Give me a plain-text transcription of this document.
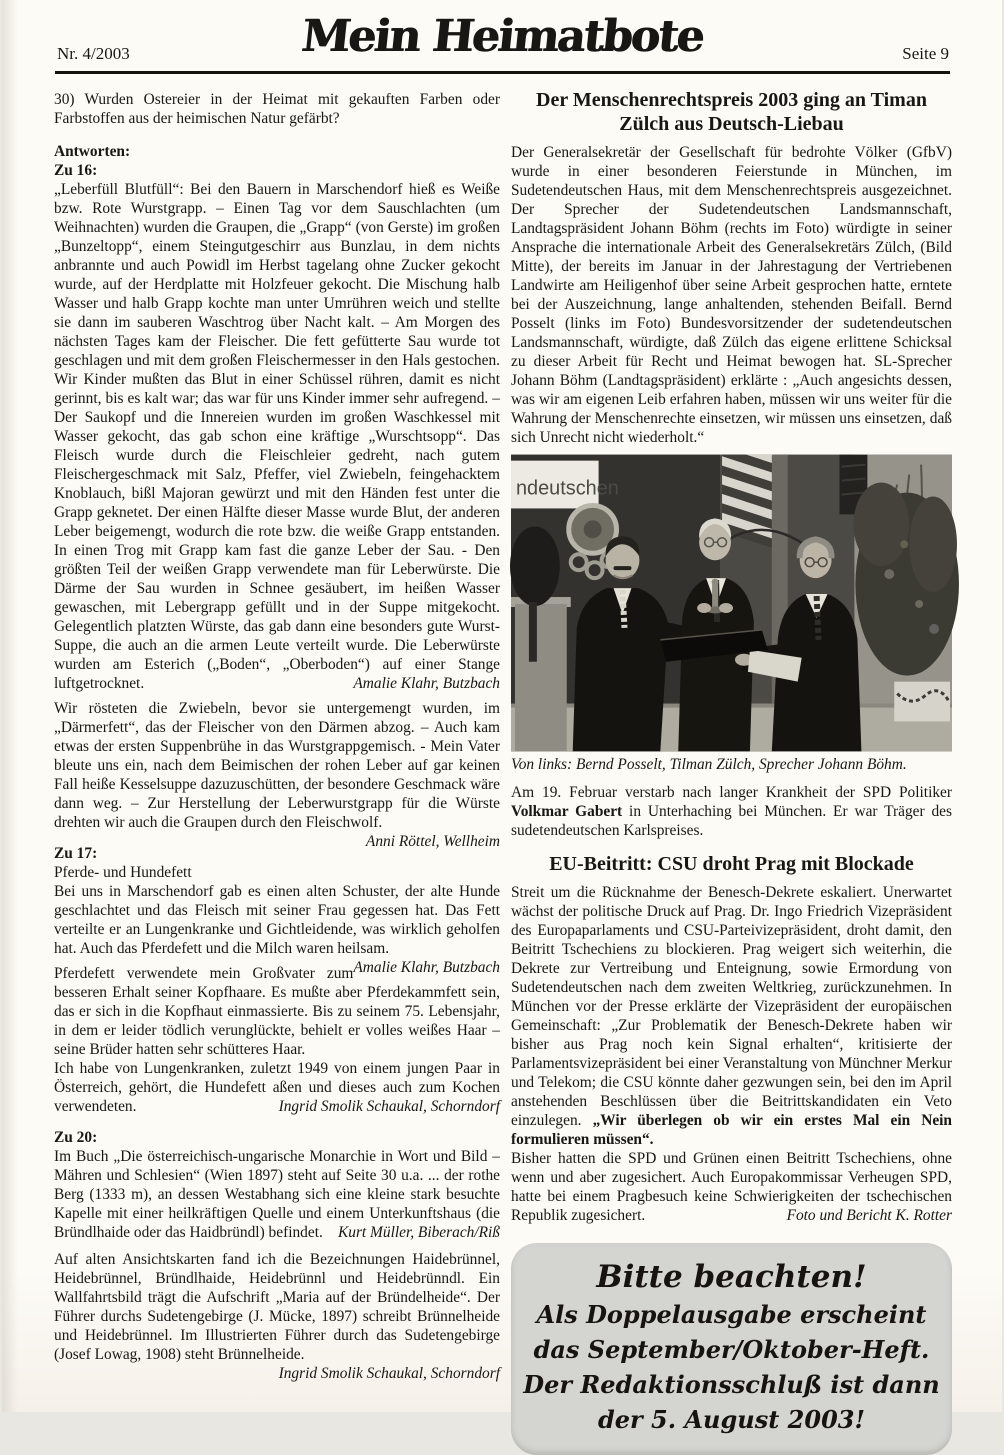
Mein Heimatbote
Nr. 4/2003	Seite 9

30) Wurden Ostereier in der Heimat mit gekauften Farben oder Farbstoffen aus der heimischen Natur gefärbt?

Antworten:

Zu 16:

„Leberfüll Blutfüll“: Bei den Bauern in Marschendorf hieß es Weiße bzw. Rote Wurstgrapp. – Einen Tag vor dem Sauschlachten (um Weihnachten) wurden die Graupen, die „Grapp“ (von Gerste) im großen „Bunzeltopp“, einem Steingutgeschirr aus Bunzlau, in dem nichts anbrannte und auch Powidl im Herbst tagelang ohne Zucker gekocht wurde, auf der Herdplatte mit Holzfeuer gekocht. Die Mischung halb Wasser und halb Grapp kochte man unter Umrühren weich und stellte sie dann im sauberen Waschtrog über Nacht kalt. – Am Morgen des nächsten Tages kam der Fleischer. Die fett gefütterte Sau wurde tot geschlagen und mit dem großen Fleischermesser in den Hals gestochen. Wir Kinder mußten das Blut in einer Schüssel rühren, damit es nicht gerinnt, bis es kalt war; das war für uns Kinder immer sehr aufregend. – Der Saukopf und die Innereien wurden im großen Waschkessel mit Wasser gekocht, das gab schon eine kräftige „Wurschtsopp“. Das Fleisch wurde durch die Fleischleier gedreht, nach gutem Fleischergeschmack mit Salz, Pfeffer, viel Zwiebeln, feingehacktem Knoblauch, bißl Majoran gewürzt und mit den Händen fest unter die Grapp geknetet. Der einen Hälfte dieser Masse wurde Blut, der anderen Leber beigemengt, wodurch die rote bzw. die weiße Grapp entstanden. In einen Trog mit Grapp kam fast die ganze Leber der Sau. - Den größten Teil der weißen Grapp verwendete man für Leberwürste. Die Därme der Sau wurden in Schnee gesäubert, im heißen Wasser gewaschen, mit Lebergrapp gefüllt und in der Suppe mitgekocht. Gelegentlich platzten Würste, das gab dann eine besonders gute Wurst-Suppe, die auch an die armen Leute verteilt wurde. Die Leberwürste wurden am Esterich („Boden“, „Oberboden“) auf einer Stange luftgetrocknet.	Amalie Klahr, Butzbach

Wir rösteten die Zwiebeln, bevor sie untergemengt wurden, im „Därmerfett“, das der Fleischer von den Därmen abzog. – Auch kam etwas der ersten Suppenbrühe in das Wurstgrappgemisch. - Mein Vater bleute uns ein, nach dem Beimischen der rohen Leber auf gar keinen Fall heiße Kesselsuppe dazuzuschütten, der besondere Geschmack wäre dann weg. – Zur Herstellung der Leberwurstgrapp für die Würste drehten wir auch die Graupen durch den Fleischwolf.
Anni Röttel, Wellheim

Zu 17:

Pferde- und Hundefett

Bei uns in Marschendorf gab es einen alten Schuster, der alte Hunde geschlachtet und das Fleisch mit seiner Frau gegessen hat. Das Fett verteilte er an Lungenkranke und Gichtleidende, was wirklich geholfen hat. Auch das Pferdefett und die Milch waren heilsam.
Amalie Klahr, Butzbach

Pferdefett verwendete mein Großvater zum besseren Erhalt seiner Kopfhaare. Es mußte aber Pferdekammfett sein, das er sich in die Kopfhaut einmassierte. Bis zu seinem 75. Lebensjahr, in dem er leider tödlich verunglückte, behielt er volles weißes Haar – seine Brüder hatten sehr schütteres Haar.

Ich habe von Lungenkranken, zuletzt 1949 von einem jungen Paar in Österreich, gehört, die Hundefett aßen und dieses auch zum Kochen verwendeten.	Ingrid Smolik Schaukal, Schorndorf

Zu 20:

Im Buch „Die österreichisch-ungarische Monarchie in Wort und Bild – Mähren und Schlesien“ (Wien 1897) steht auf Seite 30 u.a. ... der rothe Berg (1333 m), an dessen Westabhang sich eine kleine stark besuchte Kapelle mit einer heilkräftigen Quelle und einem Unterkunftshaus (die Bründlhaide oder das Haidbründl) befindet. Kurt Müller, Biberach/Riß

Auf alten Ansichtskarten fand ich die Bezeichnungen Haidebrünnel, Heidebrünnel, Bründlhaide, Heidebrünnl und Heidebrünndl. Ein Wallfahrtsbild trägt die Aufschrift „Maria auf der Bründelheide“. Der Führer durchs Sudetengebirge (J. Mücke, 1897) schreibt Brünnelheide und Heidebrünnel. Im Illustrierten Führer durch das Sudetengebirge (Josef Lowag, 1908) steht Brünnelheide.
Ingrid Smolik Schaukal, Schorndorf

Der Menschenrechtspreis 2003 ging an Timan Zülch aus Deutsch-Liebau

Der Generalsekretär der Gesellschaft für bedrohte Völker (GfbV) wurde in einer besonderen Feierstunde in München, im Sudetendeutschen Haus, mit dem Menschenrechtspreis ausgezeichnet. Der Sprecher der Sudetendeutschen Landsmannschaft, Landtagspräsident Johann Böhm (rechts im Foto) würdigte in seiner Ansprache die internationale Arbeit des Generalsekretärs Zülch, (Bild Mitte), der bereits im Januar in der Jahrestagung der Vertriebenen Landwirte am Heiligenhof über seine Arbeit gesprochen hatte, erntete bei der Auszeichnung, lange anhaltenden, stehenden Beifall. Bernd Posselt (links im Foto) Bundesvorsitzender der sudetendeutschen Landsmannschaft, würdigte, daß Zülch das eigene erlittene Schicksal zu dieser Arbeit für Recht und Heimat bewogen hat. SL-Sprecher Johann Böhm (Landtagspräsident) erklärte : „Auch angesichts dessen, was wir am eigenen Leib erfahren haben, müssen wir uns weiter für die Wahrung der Menschenrechte einsetzen, wir müssen uns einsetzen, daß sich Unrecht nicht wiederholt.“

ndeutschen

Von links: Bernd Posselt, Tilman Zülch, Sprecher Johann Böhm.

Am 19. Februar verstarb nach langer Krankheit der SPD Politiker Volkmar Gabert in Unterhaching bei München. Er war Träger des sudetendeutschen Karlspreises.

EU-Beitritt: CSU droht Prag mit Blockade

Streit um die Rücknahme der Benesch-Dekrete eskaliert. Unerwartet wächst der politische Druck auf Prag. Dr. Ingo Friedrich Vizepräsident des Europaparlaments und CSU-Parteivizepräsident, droht damit, den Beitritt Tschechiens zu blockieren. Prag weigert sich weiterhin, die Dekrete zur Vertreibung und Enteignung, sowie Ermordung von Sudetendeutschen nach dem zweiten Weltkrieg, zurückzunehmen. In München vor der Presse erklärte der Vizepräsident der europäischen Gemeinschaft: „Zur Problematik der Benesch-Dekrete haben wir bisher aus Prag noch kein Signal erhalten“, kritisierte der Parlamentsvizepräsident bei einer Veranstaltung von Münchner Merkur und Telekom; die CSU könnte daher gezwungen sein, bei den im April anstehenden Beschlüssen über die Beitrittskandidaten ein Veto einzulegen. „Wir überlegen ob wir ein erstes Mal ein Nein formulieren müssen“.

Bisher hatten die SPD und Grünen einen Beitritt Tschechiens, ohne wenn und aber zugesichert. Auch Europakommissar Verheugen SPD, hatte bei einem Pragbesuch keine Schwierigkeiten der tschechischen Republik zugesichert.	Foto und Bericht K. Rotter

Bitte beachten!
Als Doppelausgabe erscheint
das September/Oktober-Heft.
Der Redaktionsschluß ist dann
der 5. August 2003!
